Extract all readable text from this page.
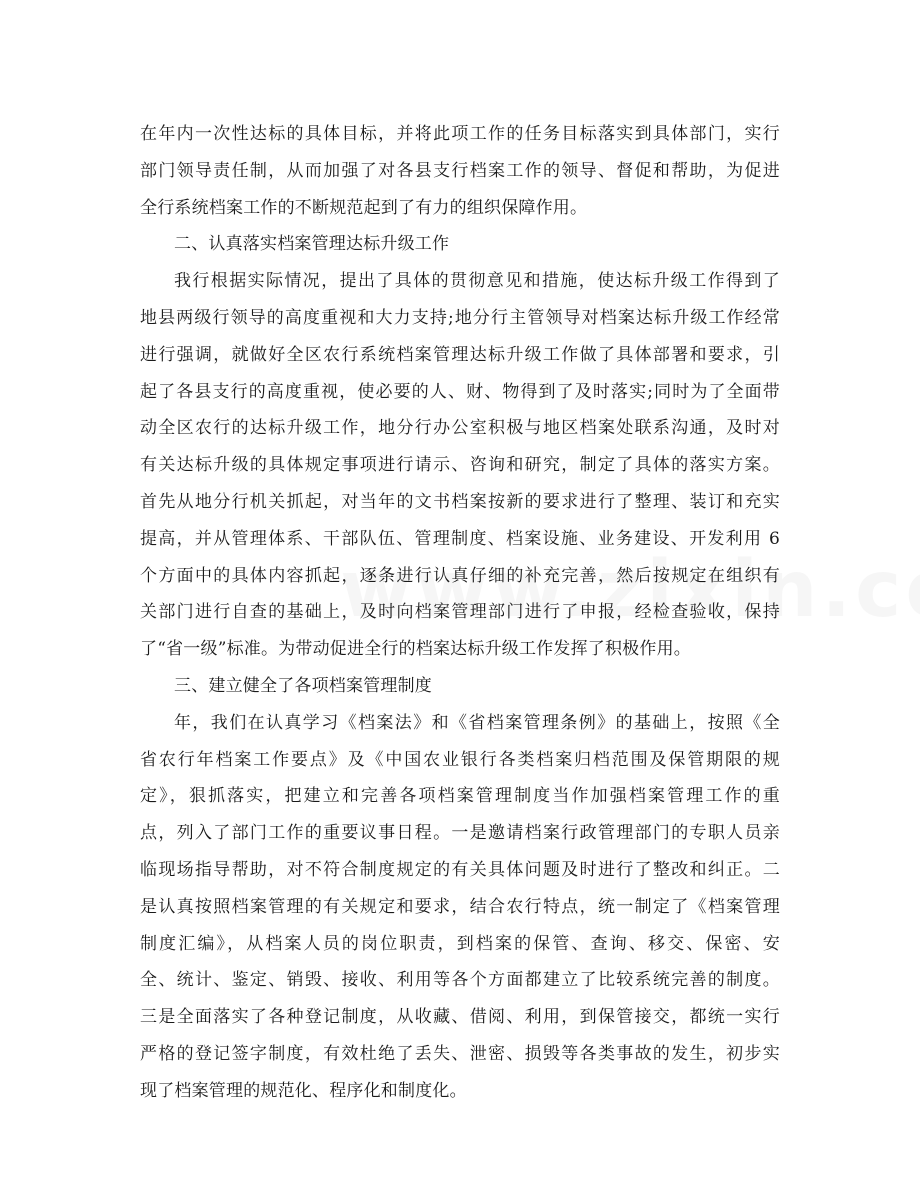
在年内一次性达标的具体目标，并将此项工作的任务目标落实到具体部门，实行
部门领导责任制，从而加强了对各县支行档案工作的领导、督促和帮助，为促进
全行系统档案工作的不断规范起到了有力的组织保障作用。
二、认真落实档案管理达标升级工作
我行根据实际情况，提出了具体的贯彻意见和措施，使达标升级工作得到了
地县两级行领导的高度重视和大力支持;地分行主管领导对档案达标升级工作经常
进行强调，就做好全区农行系统档案管理达标升级工作做了具体部署和要求，引
起了各县支行的高度重视，使必要的人、财、物得到了及时落实;同时为了全面带
动全区农行的达标升级工作，地分行办公室积极与地区档案处联系沟通，及时对
有关达标升级的具体规定事项进行请示、咨询和研究，制定了具体的落实方案。
首先从地分行机关抓起，对当年的文书档案按新的要求进行了整理、装订和充实
提高，并从管理体系、干部队伍、管理制度、档案设施、业务建设、开发利用 6
个方面中的具体内容抓起，逐条进行认真仔细的补充完善，然后按规定在组织有
关部门进行自查的基础上，及时向档案管理部门进行了申报，经检查验收，保持
了“省一级”标准。为带动促进全行的档案达标升级工作发挥了积极作用。
三、建立健全了各项档案管理制度
年，我们在认真学习《档案法》和《省档案管理条例》的基础上，按照《全
省农行年档案工作要点》及《中国农业银行各类档案归档范围及保管期限的规
定》，狠抓落实，把建立和完善各项档案管理制度当作加强档案管理工作的重
点，列入了部门工作的重要议事日程。一是邀请档案行政管理部门的专职人员亲
临现场指导帮助，对不符合制度规定的有关具体问题及时进行了整改和纠正。二
是认真按照档案管理的有关规定和要求，结合农行特点，统一制定了《档案管理
制度汇编》，从档案人员的岗位职责，到档案的保管、查询、移交、保密、安
全、统计、鉴定、销毁、接收、利用等各个方面都建立了比较系统完善的制度。
三是全面落实了各种登记制度，从收藏、借阅、利用，到保管接交，都统一实行
严格的登记签字制度，有效杜绝了丢失、泄密、损毁等各类事故的发生，初步实
现了档案管理的规范化、程序化和制度化。
